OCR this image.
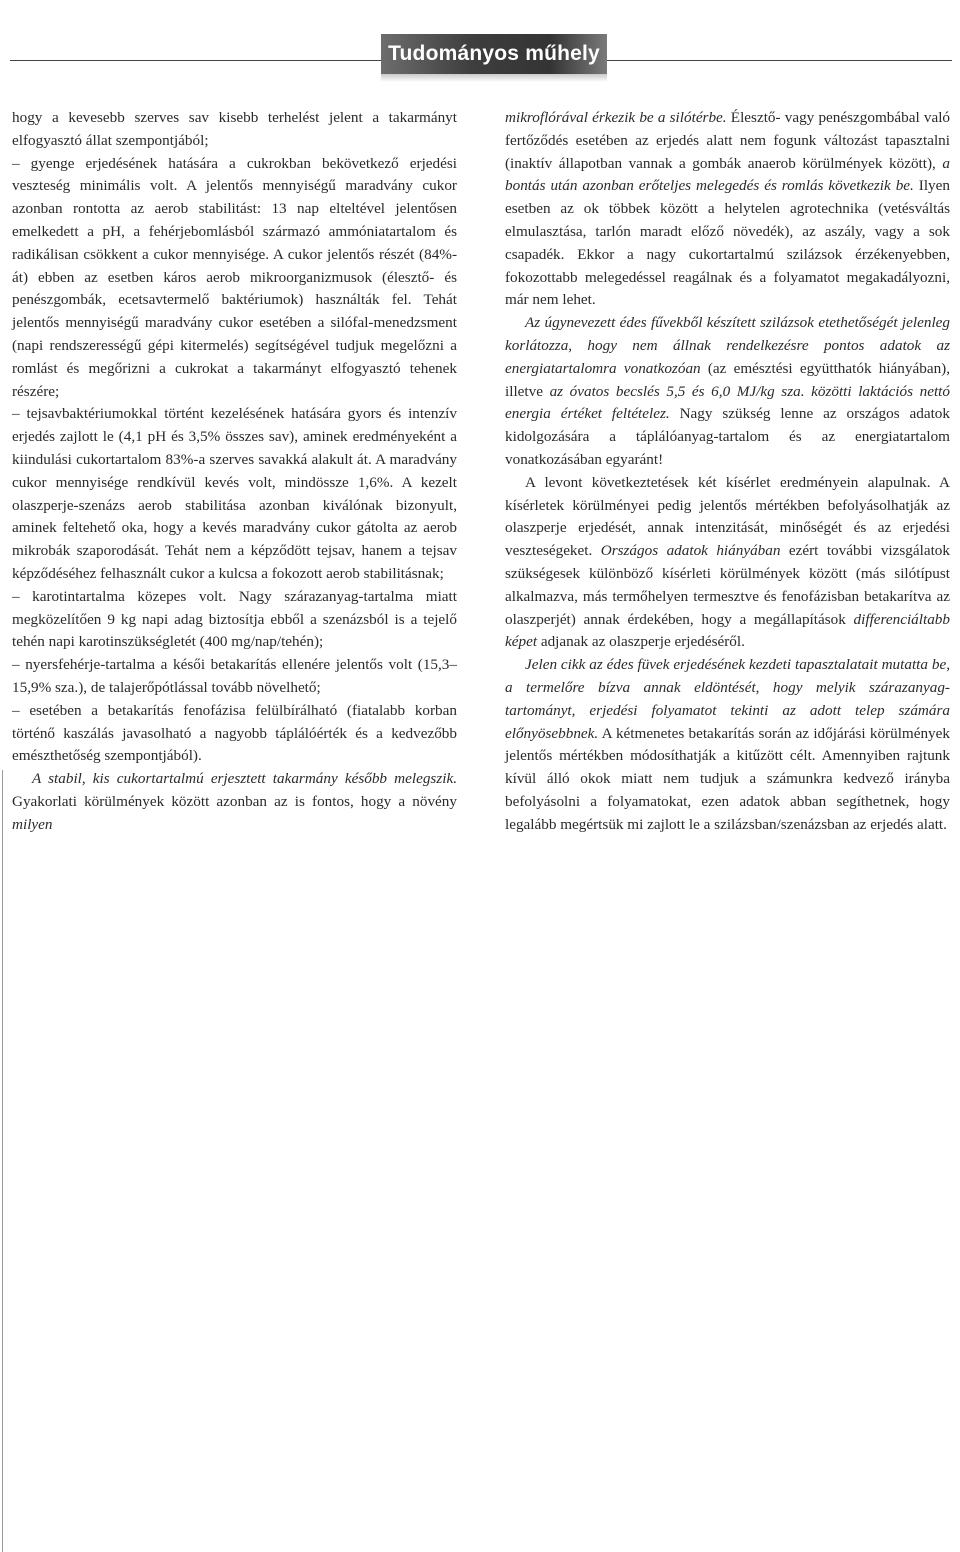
Tudományos műhely

hogy a kevesebb szerves sav kisebb terhelést jelent a takarmányt elfogyasztó állat szempontjából;

– gyenge erjedésének hatására a cukrokban bekövetkező erjedési veszteség minimális volt. A jelentős mennyiségű maradvány cukor azonban rontotta az aerob stabilitást: 13 nap elteltével jelentősen emelkedett a pH, a fehérjebomlásból származó ammóniatartalom és radikálisan csökkent a cukor mennyisége. A cukor jelentős részét (84%-át) ebben az esetben káros aerob mikroorganizmusok (élesztő- és penészgombák, ecetsavtermelő baktériumok) használták fel. Tehát jelentős mennyiségű maradvány cukor esetében a silófal-menedzsment (napi rendszerességű gépi kitermelés) segítségével tudjuk megelőzni a romlást és megőrizni a cukrokat a takarmányt elfogyasztó tehenek részére;

– tejsavbaktériumokkal történt kezelésének hatására gyors és intenzív erjedés zajlott le (4,1 pH és 3,5% összes sav), aminek eredményeként a kiindulási cukortartalom 83%-a szerves savakká alakult át. A maradvány cukor mennyisége rendkívül kevés volt, mindössze 1,6%. A kezelt olaszperje-szenázs aerob stabilitása azonban kiválónak bizonyult, aminek feltehető oka, hogy a kevés maradvány cukor gátolta az aerob mikrobák szaporodását. Tehát nem a képződött tejsav, hanem a tejsav képződéséhez felhasznált cukor a kulcsa a fokozott aerob stabilitásnak;

– karotintartalma közepes volt. Nagy szárazanyag-tartalma miatt megközelítően 9 kg napi adag biztosítja ebből a szenázsból is a tejelő tehén napi karotinszükségletét (400 mg/nap/tehén);

– nyersfehérje-tartalma a késői betakarítás ellenére jelentős volt (15,3–15,9% sza.), de talajerőpótlással tovább növelhető;

– esetében a betakarítás fenofázisa felülbírálható (fiatalabb korban történő kaszálás javasolható a nagyobb táplálóérték és a kedvezőbb emészthetőség szempontjából).

A stabil, kis cukortartalmú erjesztett takarmány később melegszik. Gyakorlati körülmények között azonban az is fontos, hogy a növény milyen

mikroflórával érkezik be a silótérbe. Élesztő- vagy penészgombábal való fertőződés esetében az erjedés alatt nem fogunk változást tapasztalni (inaktív állapotban vannak a gombák anaerob körülmények között), a bontás után azonban erőteljes melegedés és romlás következik be. Ilyen esetben az ok többek között a helytelen agrotechnika (vetésváltás elmulasztása, tarlón maradt előző növedék), az aszály, vagy a sok csapadék. Ekkor a nagy cukortartalmú szilázsok érzékenyebben, fokozottabb melegedéssel reagálnak és a folyamatot megakadályozni, már nem lehet.

Az úgynevezett édes fűvekből készített szilázsok etethetőségét jelenleg korlátozza, hogy nem állnak rendelkezésre pontos adatok az energiatartalomra vonatkozóan (az emésztési együtthatók hiányában), illetve az óvatos becslés 5,5 és 6,0 MJ/kg sza. közötti laktációs nettó energia értéket feltételez. Nagy szükség lenne az országos adatok kidolgozására a táplálóanyag-tartalom és az energiatartalom vonatkozásában egyaránt!

A levont következtetések két kísérlet eredményein alapulnak. A kísérletek körülményei pedig jelentős mértékben befolyásolhatják az olaszperje erjedését, annak intenzitását, minőségét és az erjedési veszteségeket. Országos adatok hiányában ezért további vizsgálatok szükségesek különböző kísérleti körülmények között (más silótípust alkalmazva, más termőhelyen termesztve és fenofázisban betakarítva az olaszperjét) annak érdekében, hogy a megállapítások differenciáltabb képet adjanak az olaszperje erjedéséről.

Jelen cikk az édes füvek erjedésének kezdeti tapasztalatait mutatta be, a termelőre bízva annak eldöntését, hogy melyik szárazanyag-tartományt, erjedési folyamatot tekinti az adott telep számára előnyösebbnek. A kétmenetes betakarítás során az időjárási körülmények jelentős mértékben módosíthatják a kitűzött célt. Amennyiben rajtunk kívül álló okok miatt nem tudjuk a számunkra kedvező irányba befolyásolni a folyamatokat, ezen adatok abban segíthetnek, hogy legalább megértsük mi zajlott le a szilázsban/szenázsban az erjedés alatt.
